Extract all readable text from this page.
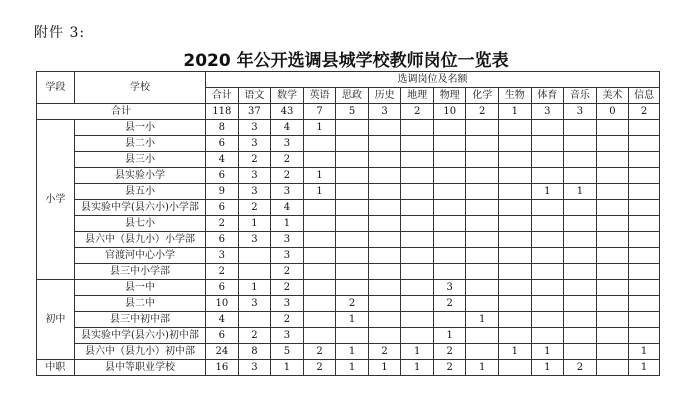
附件 3:
2020 年公开选调县城学校教师岗位一览表
学段	学校	选调岗位及名额													
		合计	语文	数学	英语	思政	历史	地理	物理	化学	生物	体育	音乐	美术	信息
合计		118	37	43	7	5	3	2	10	2	1	3	3	0	2
小学	县一小	8	3	4	1										
	县二小	6	3	3											
	县三小	4	2	2											
	县实验小学	6	3	2	1										
	县五小	9	3	3	1							1	1		
	县实验中学(县六小)小学部	6	2	4											
	县七小	2	1	1											
	县六中（县九小）小学部	6	3	3											
	官渡河中心小学	3		3											
	县三中小学部	2		2											
初中	县一中	6	1	2					3						
	县二中	10	3	3		2			2						
	县三中初中部	4		2		1				1					
	县实验中学(县六小)初中部	6	2	3					1						
	县六中（县九小）初中部	24	8	5	2	1	2	1	2		1	1			1
中职	县中等职业学校	16	3	1	2	1	1	1	2	1		1	2		1
